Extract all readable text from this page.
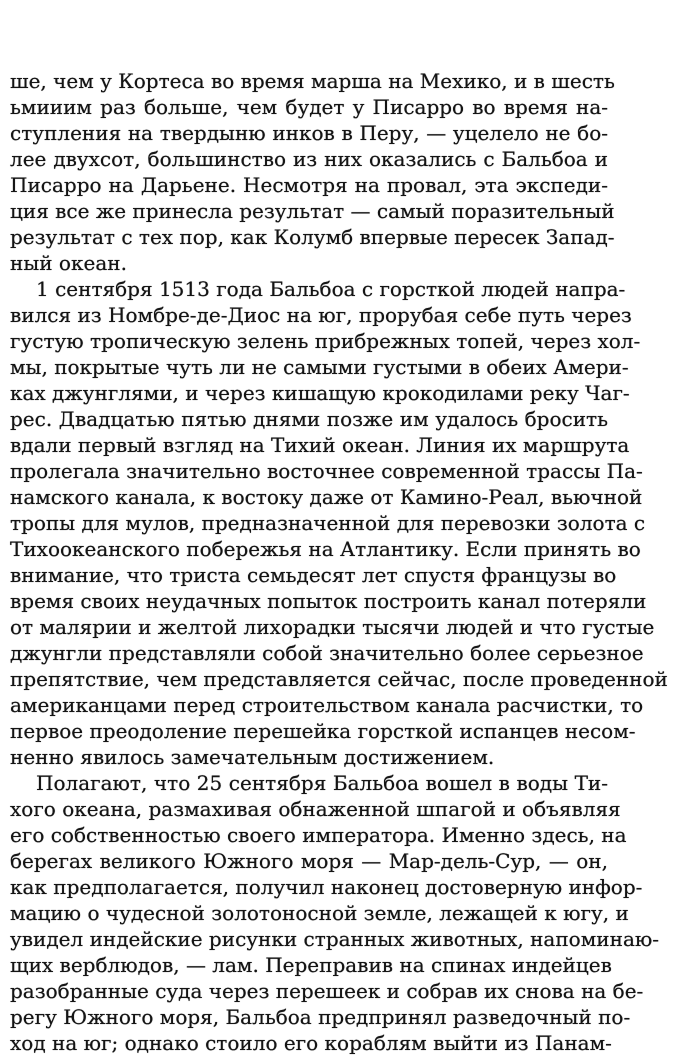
ше, чем у Кортеса во время марша на Мехико, и в шесть
ьмииим раз больше, чем будет у Писарро во время на-
ступления на твердыню инков в Перу, — уцелело не бо-
лее двухсот, большинство из них оказались с Бальбоа и
Писарро на Дарьене. Несмотря на провал, эта экспеди-
ция все же принесла результат — самый поразительный
результат с тех пор, как Колумб впервые пересек Запад-
ный океан.
1 сентября 1513 года Бальбоа с горсткой людей напра-
вился из Номбре-де-Диос на юг, прорубая себе путь через
густую тропическую зелень прибрежных топей, через хол-
мы, покрытые чуть ли не самыми густыми в обеих Амери-
ках джунглями, и через кишащую крокодилами реку Чаг-
рес. Двадцатью пятью днями позже им удалось бросить
вдали первый взгляд на Тихий океан. Линия их маршрута
пролегала значительно восточнее современной трассы Па-
намского канала, к востоку даже от Камино-Реал, вьючной
тропы для мулов, предназначенной для перевозки золота с
Тихоокеанского побережья на Атлантику. Если принять во
внимание, что триста семьдесят лет спустя французы во
время своих неудачных попыток построить канал потеряли
от малярии и желтой лихорадки тысячи людей и что густые
джунгли представляли собой значительно более серьезное
препятствие, чем представляется сейчас, после проведенной
американцами перед строительством канала расчистки, то
первое преодоление перешейка горсткой испанцев несом-
ненно явилось замечательным достижением.
Полагают, что 25 сентября Бальбоа вошел в воды Ти-
хого океана, размахивая обнаженной шпагой и объявляя
его собственностью своего императора. Именно здесь, на
берегах великого Южного моря — Мар-дель-Сур, — он,
как предполагается, получил наконец достоверную инфор-
мацию о чудесной золотоносной земле, лежащей к югу, и
увидел индейские рисунки странных животных, напоминаю-
щих верблюдов, — лам. Переправив на спинах индейцев
разобранные суда через перешеек и собрав их снова на бе-
регу Южного моря, Бальбоа предпринял разведочный по-
ход на юг; однако стоило его кораблям выйти из Панам-
